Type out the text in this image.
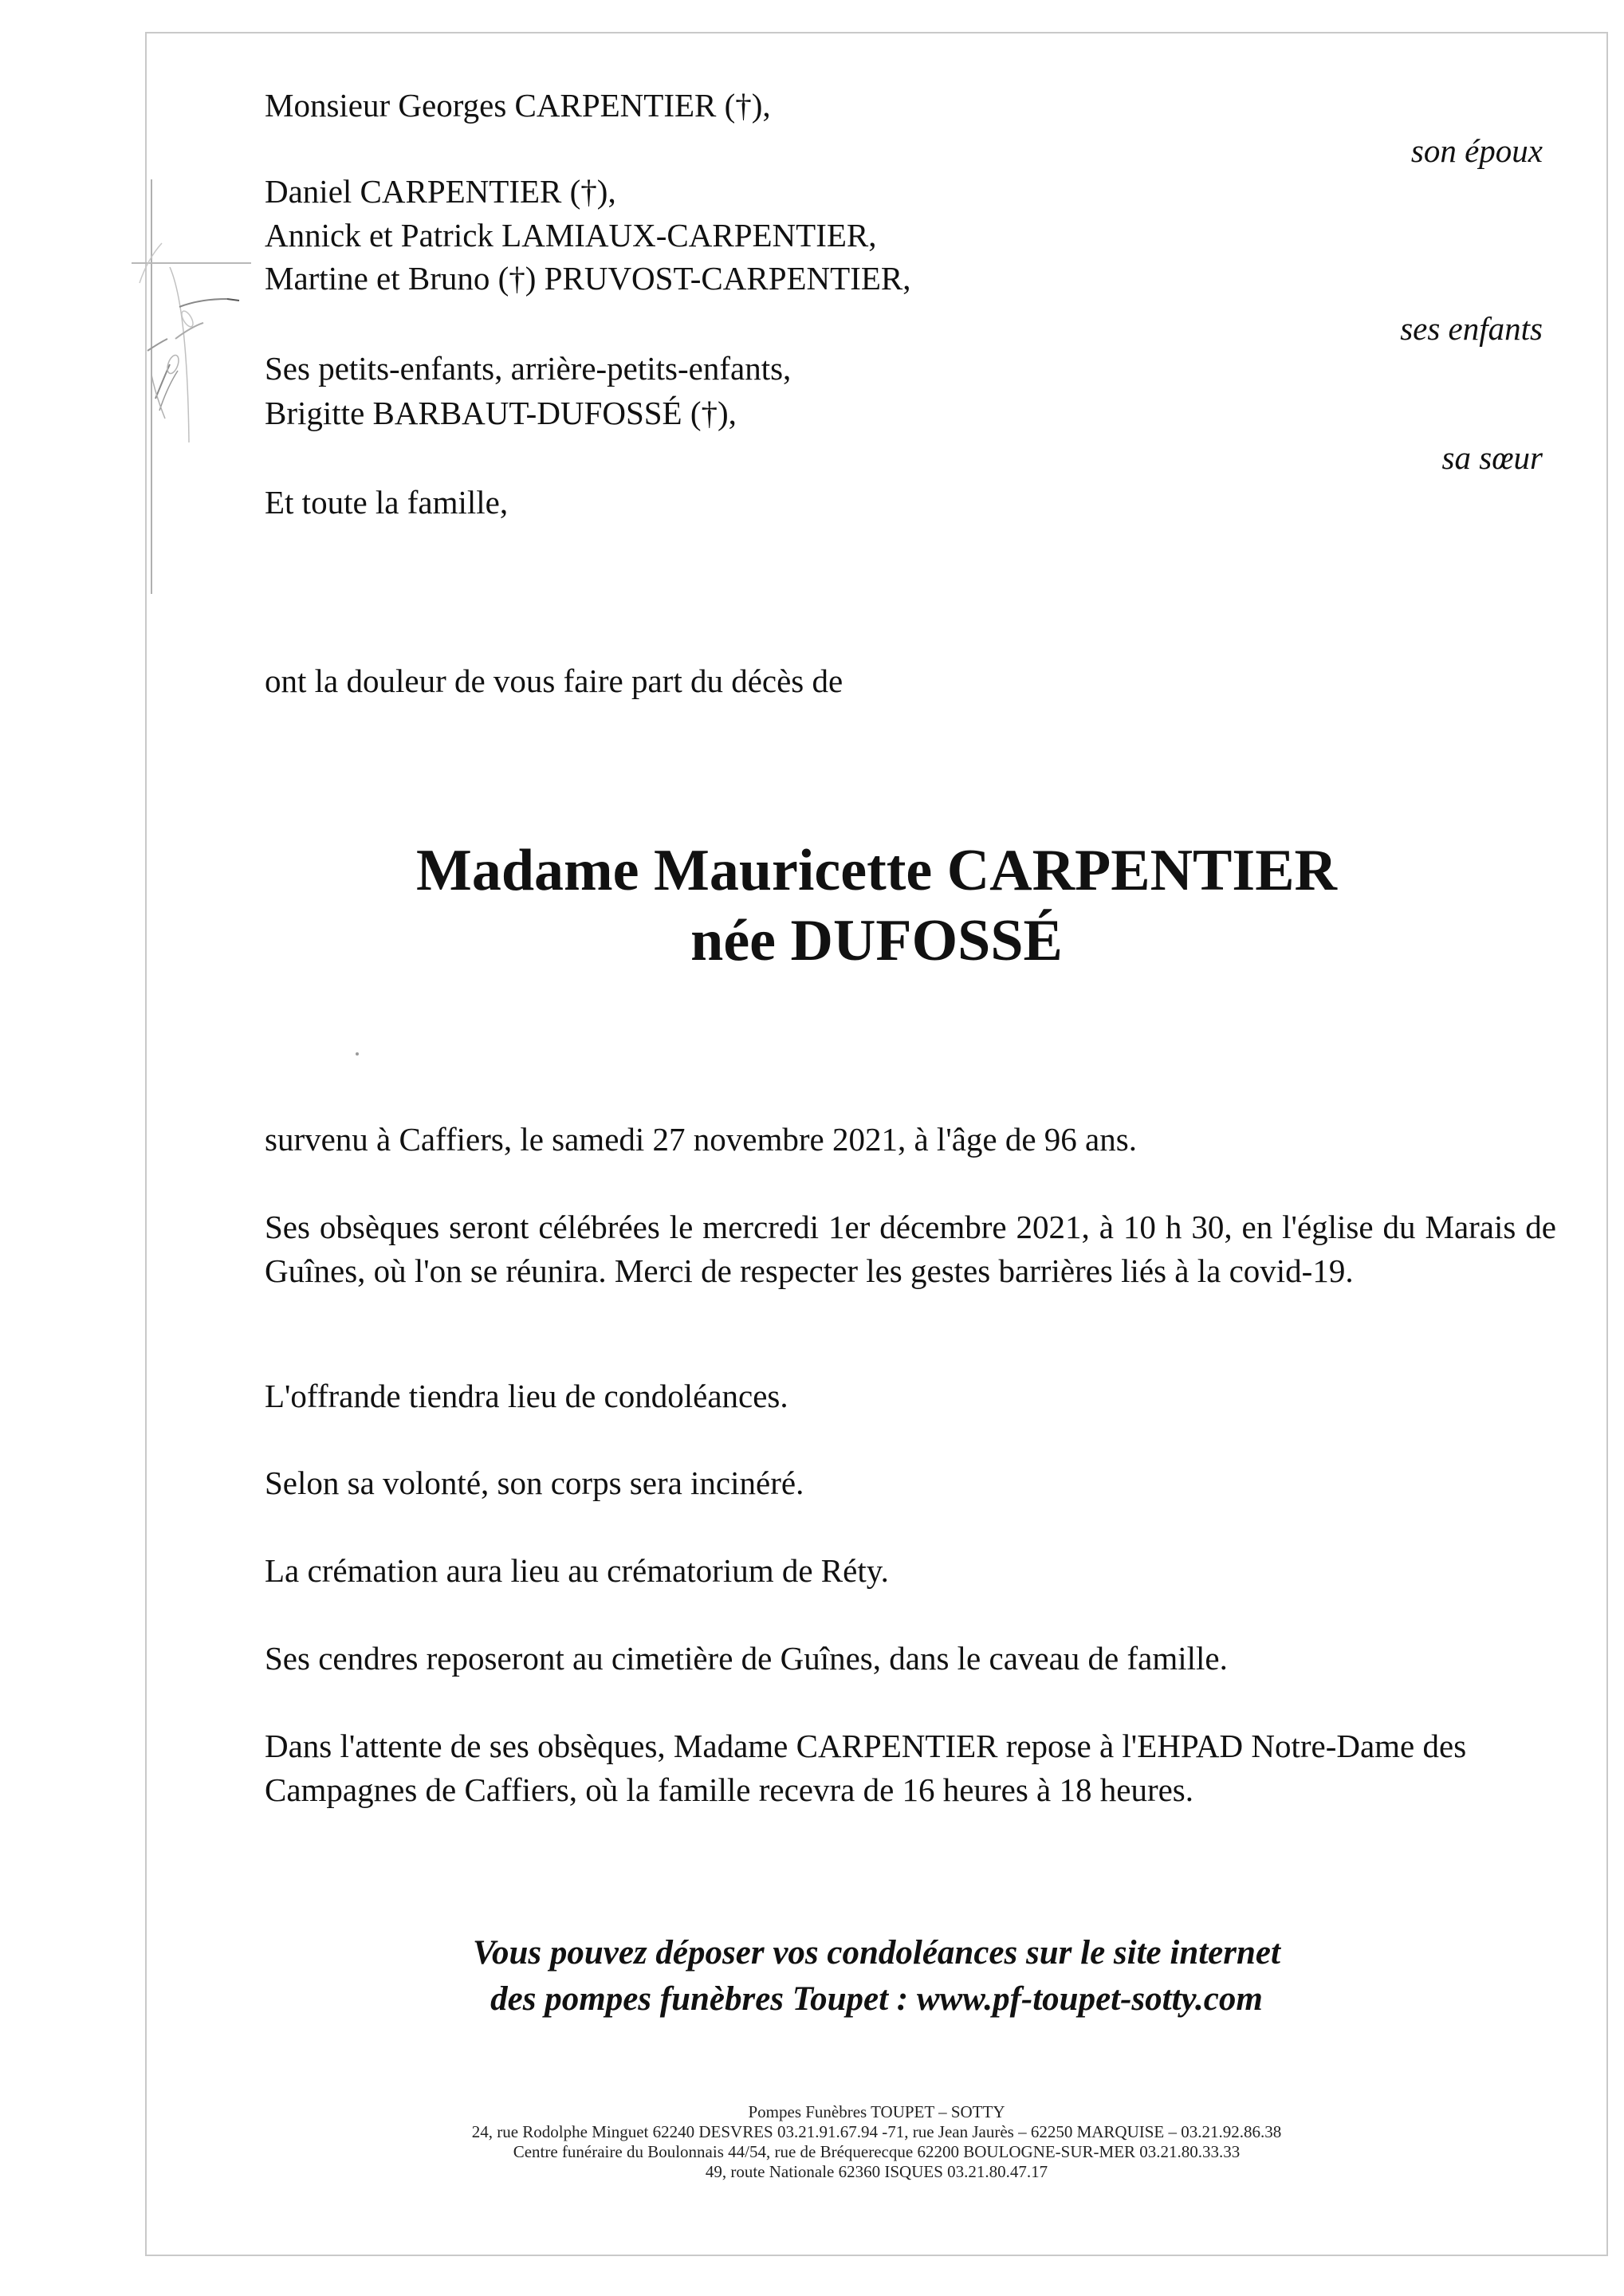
Monsieur Georges CARPENTIER (†),
son époux
Daniel CARPENTIER (†),
Annick et Patrick LAMIAUX-CARPENTIER,
Martine et Bruno (†) PRUVOST-CARPENTIER,
ses enfants
Ses petits-enfants, arrière-petits-enfants,
Brigitte BARBAUT-DUFOSSÉ (†),
sa sœur
Et toute la famille,
ont la douleur de vous faire part du décès de
Madame Mauricette CARPENTIER
née DUFOSSÉ
survenu à Caffiers, le samedi 27 novembre 2021, à l'âge de 96 ans.
Ses obsèques seront célébrées le mercredi 1er décembre 2021, à 10 h 30, en l'église du Marais de Guînes, où l'on se réunira. Merci de respecter les gestes barrières liés à la covid-19.
L'offrande tiendra lieu de condoléances.
Selon sa volonté, son corps sera incinéré.
La crémation aura lieu au crématorium de Réty.
Ses cendres reposeront au cimetière de Guînes, dans le caveau de famille.
Dans l'attente de ses obsèques, Madame CARPENTIER repose à l'EHPAD Notre-Dame des Campagnes de Caffiers, où la famille recevra de 16 heures à 18 heures.
Vous pouvez déposer vos condoléances sur le site internet
des pompes funèbres Toupet : www.pf-toupet-sotty.com
Pompes Funèbres TOUPET – SOTTY
24, rue Rodolphe Minguet 62240 DESVRES 03.21.91.67.94 -71, rue Jean Jaurès – 62250 MARQUISE – 03.21.92.86.38
Centre funéraire du Boulonnais 44/54, rue de Bréquerecque 62200 BOULOGNE-SUR-MER 03.21.80.33.33
49, route Nationale 62360 ISQUES 03.21.80.47.17
